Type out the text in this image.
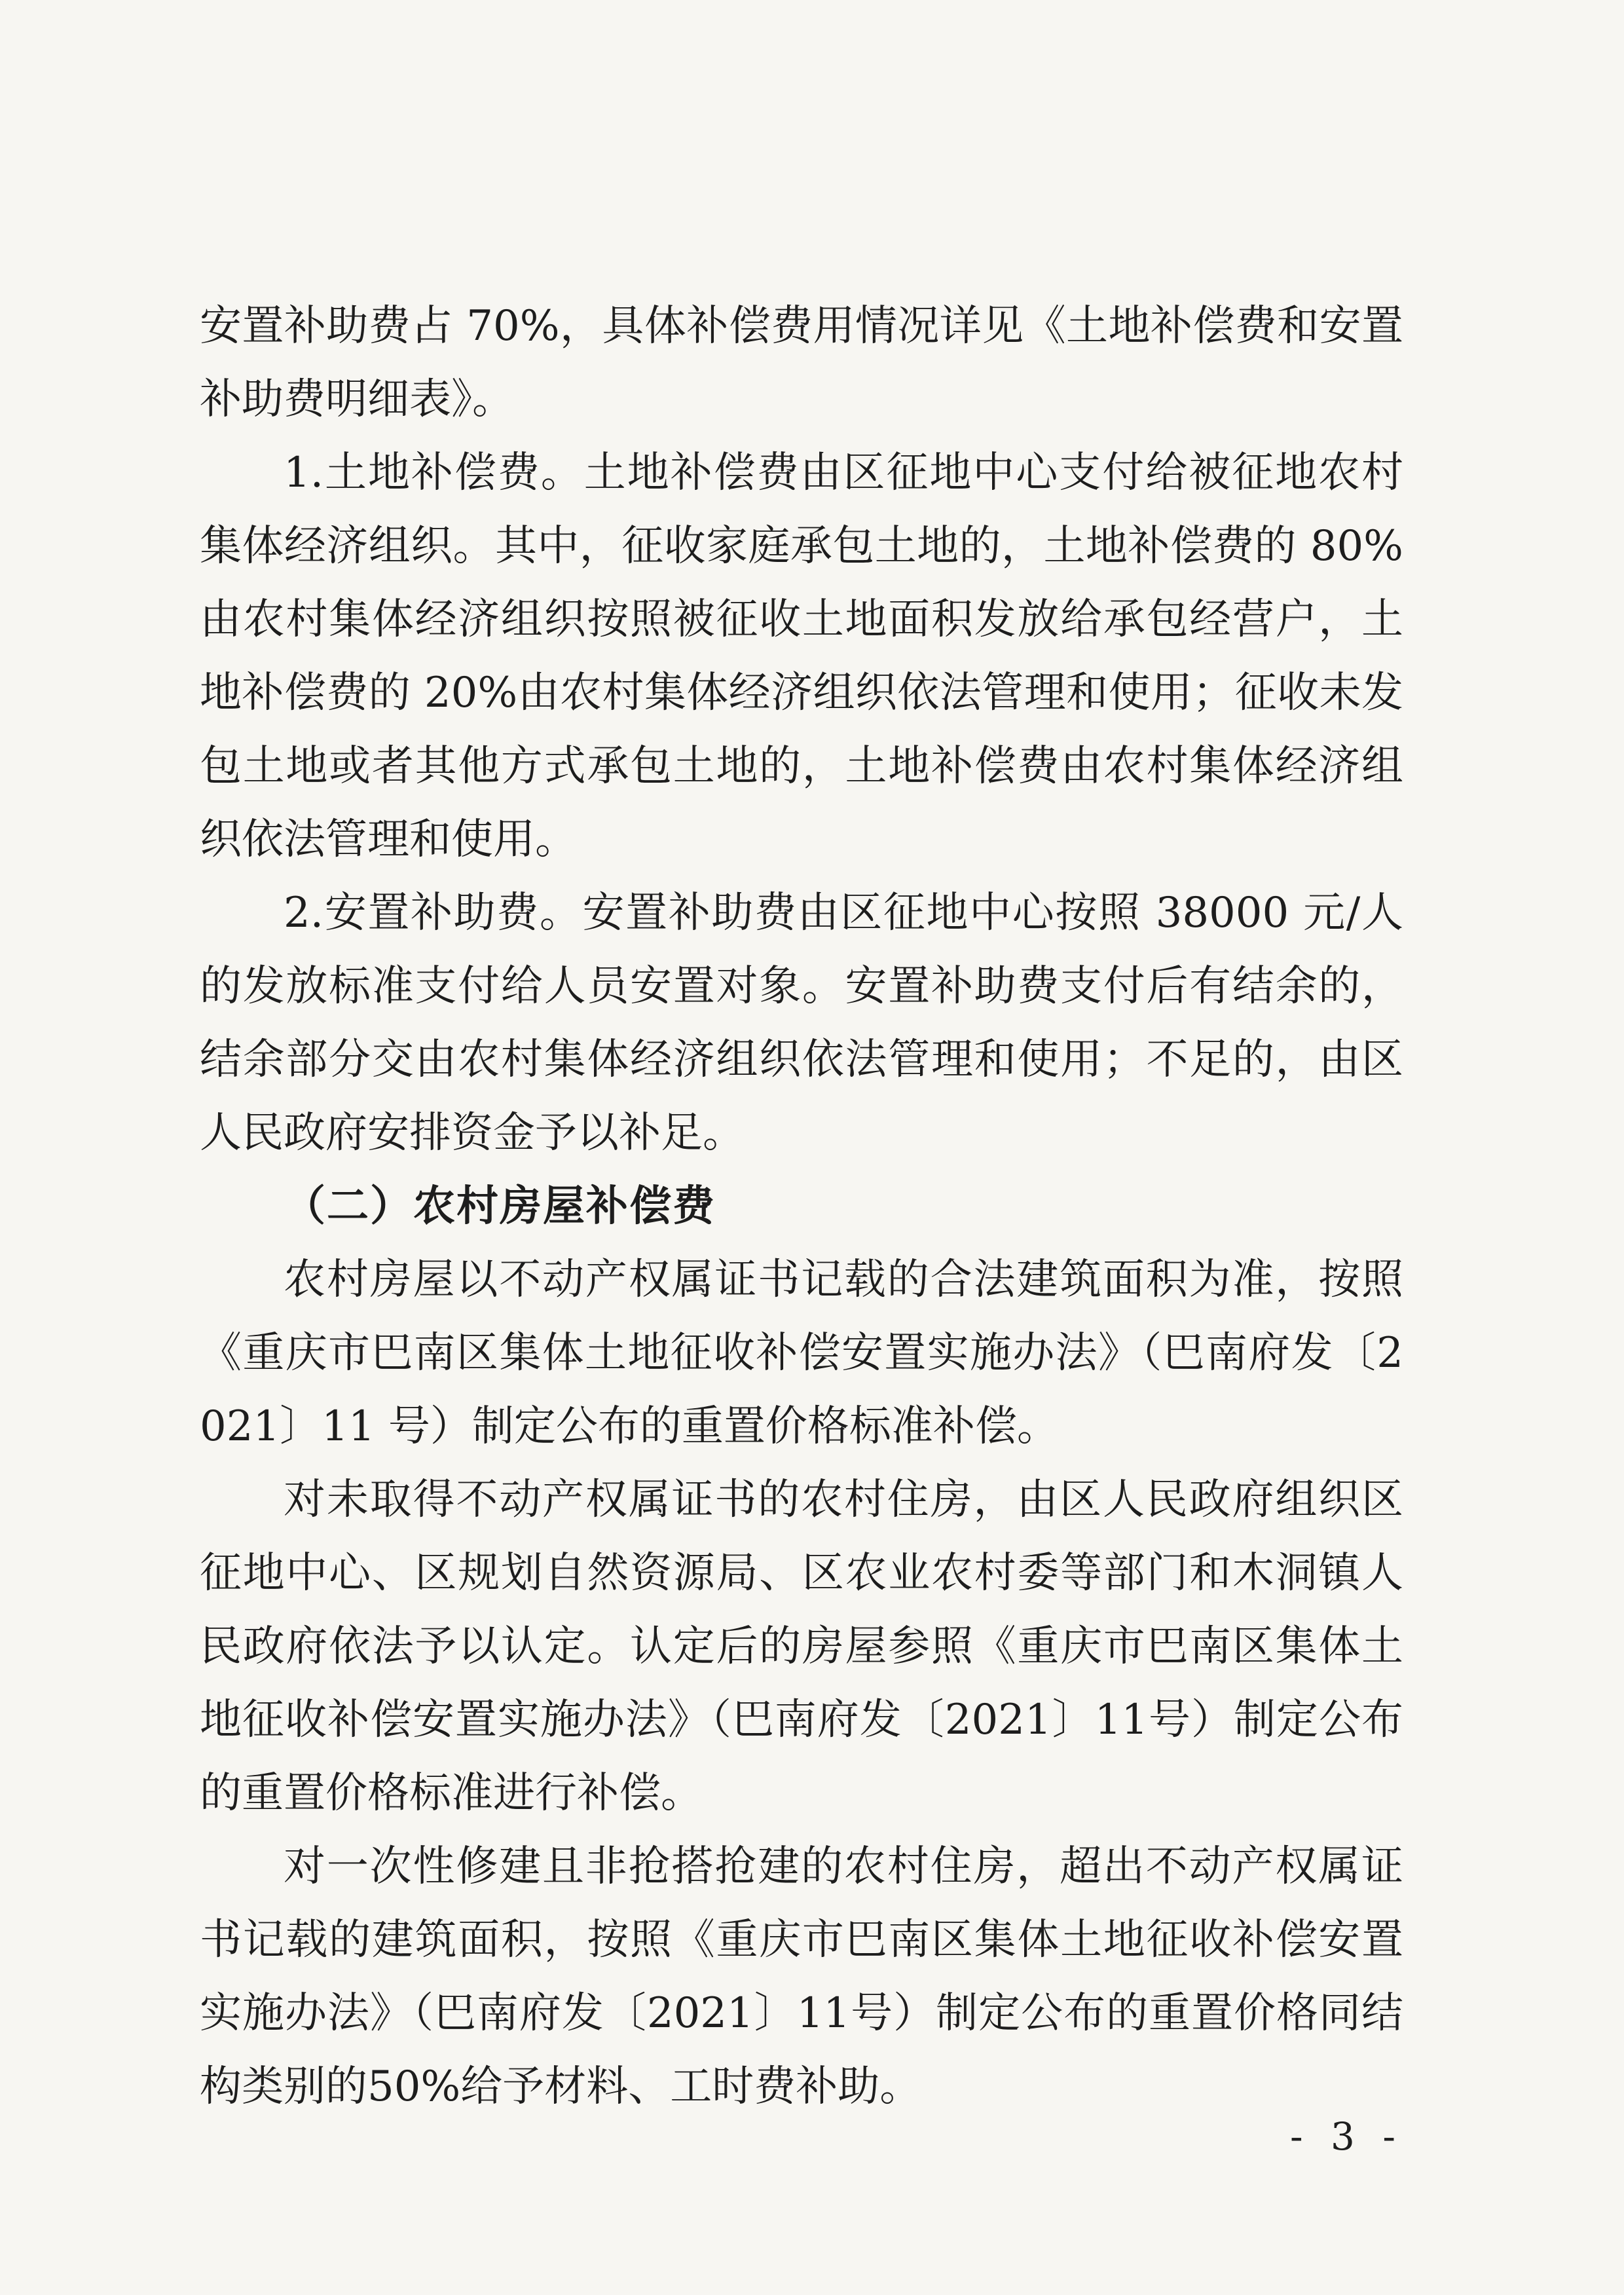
安置补助费占 70%，具体补偿费用情况详见《土地补偿费和安置补助费明细表》。

1.土地补偿费。土地补偿费由区征地中心支付给被征地农村集体经济组织。其中，征收家庭承包土地的，土地补偿费的 80%由农村集体经济组织按照被征收土地面积发放给承包经营户，土地补偿费的 20%由农村集体经济组织依法管理和使用；征收未发包土地或者其他方式承包土地的，土地补偿费由农村集体经济组织依法管理和使用。

2.安置补助费。安置补助费由区征地中心按照 38000 元/人的发放标准支付给人员安置对象。安置补助费支付后有结余的，结余部分交由农村集体经济组织依法管理和使用；不足的，由区人民政府安排资金予以补足。

（二）农村房屋补偿费

农村房屋以不动产权属证书记载的合法建筑面积为准，按照《重庆市巴南区集体土地征收补偿安置实施办法》（巴南府发〔2021〕11 号）制定公布的重置价格标准补偿。

对未取得不动产权属证书的农村住房，由区人民政府组织区征地中心、区规划自然资源局、区农业农村委等部门和木洞镇人民政府依法予以认定。认定后的房屋参照《重庆市巴南区集体土地征收补偿安置实施办法》（巴南府发〔2021〕11号）制定公布的重置价格标准进行补偿。

对一次性修建且非抢搭抢建的农村住房，超出不动产权属证书记载的建筑面积，按照《重庆市巴南区集体土地征收补偿安置实施办法》（巴南府发〔2021〕11号）制定公布的重置价格同结构类别的50%给予材料、工时费补助。

- 3 -
